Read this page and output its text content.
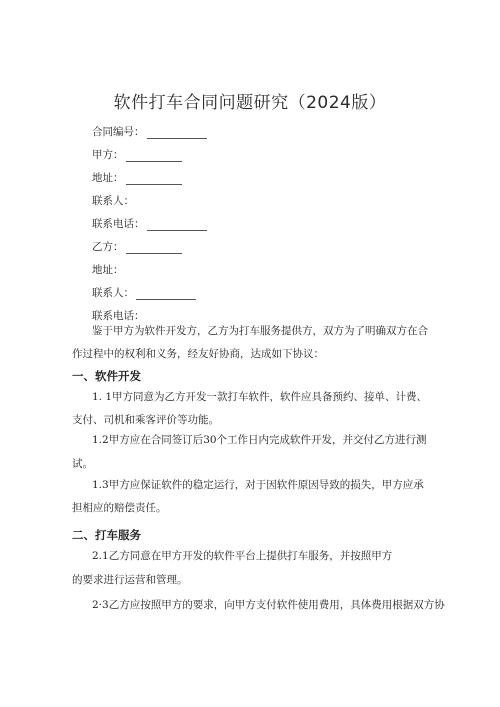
软件打车合同问题研究（2024版）
合同编号：
甲方：
地址：
联系人：
联系电话：
乙方：
地址：
联系人：
联系电话：
鉴于甲方为软件开发方，乙方为打车服务提供方，双方为了明确双方在合作过程中的权利和义务，经友好协商，达成如下协议：
一、软件开发
1. 1甲方同意为乙方开发一款打车软件，软件应具备预约、接单、计费、支付、司机和乘客评价等功能。
1.2甲方应在合同签订后30个工作日内完成软件开发，并交付乙方进行测
试。
1.3甲方应保证软件的稳定运行，对于因软件原因导致的损失，甲方应承担相应的赔偿责任。
二、打车服务
2.1乙方同意在甲方开发的软件平台上提供打车服务，并按照甲方
的要求进行运营和管理。
2·3乙方应按照甲方的要求，向甲方支付软件使用费用，具体费用根据双方协
